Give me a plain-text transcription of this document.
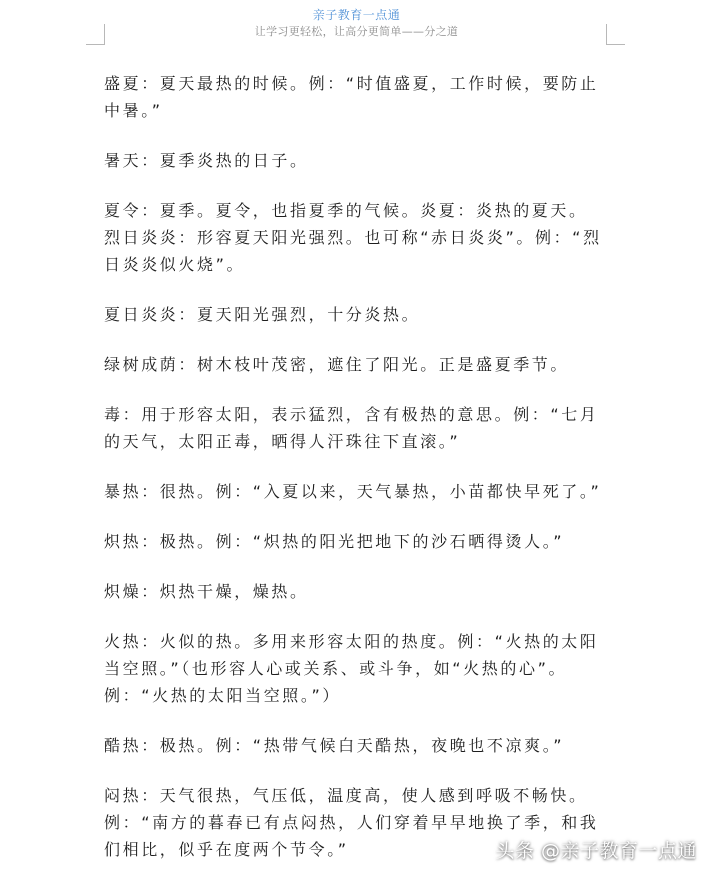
亲子教育一点通
让学习更轻松，让高分更简单——分之道

盛夏：夏天最热的时候。例：“时值盛夏，工作时候，要防止中暑。”

暑天：夏季炎热的日子。

夏令：夏季。夏令，也指夏季的气候。炎夏：炎热的夏天。

烈日炎炎：形容夏天阳光强烈。也可称“赤日炎炎”。例：“烈日炎炎似火烧”。

夏日炎炎：夏天阳光强烈，十分炎热。

绿树成荫：树木枝叶茂密，遮住了阳光。正是盛夏季节。

毒：用于形容太阳，表示猛烈，含有极热的意思。例：“七月的天气，太阳正毒，晒得人汗珠往下直滚。”

暴热：很热。例：“入夏以来，天气暴热，小苗都快早死了。”

炽热：极热。例：“炽热的阳光把地下的沙石晒得烫人。”

炽燥：炽热干燥，燥热。

火热：火似的热。多用来形容太阳的热度。例：“火热的太阳当空照。”（也形容人心或关系、或斗争，如“火热的心”。例：“火热的太阳当空照。”）

酷热：极热。例：“热带气候白天酷热，夜晚也不凉爽。”

闷热：天气很热，气压低，温度高，使人感到呼吸不畅快。例：“南方的暮春已有点闷热，人们穿着早早地换了季，和我们相比，似乎在度两个节令。”	头条 @亲子教育一点通
